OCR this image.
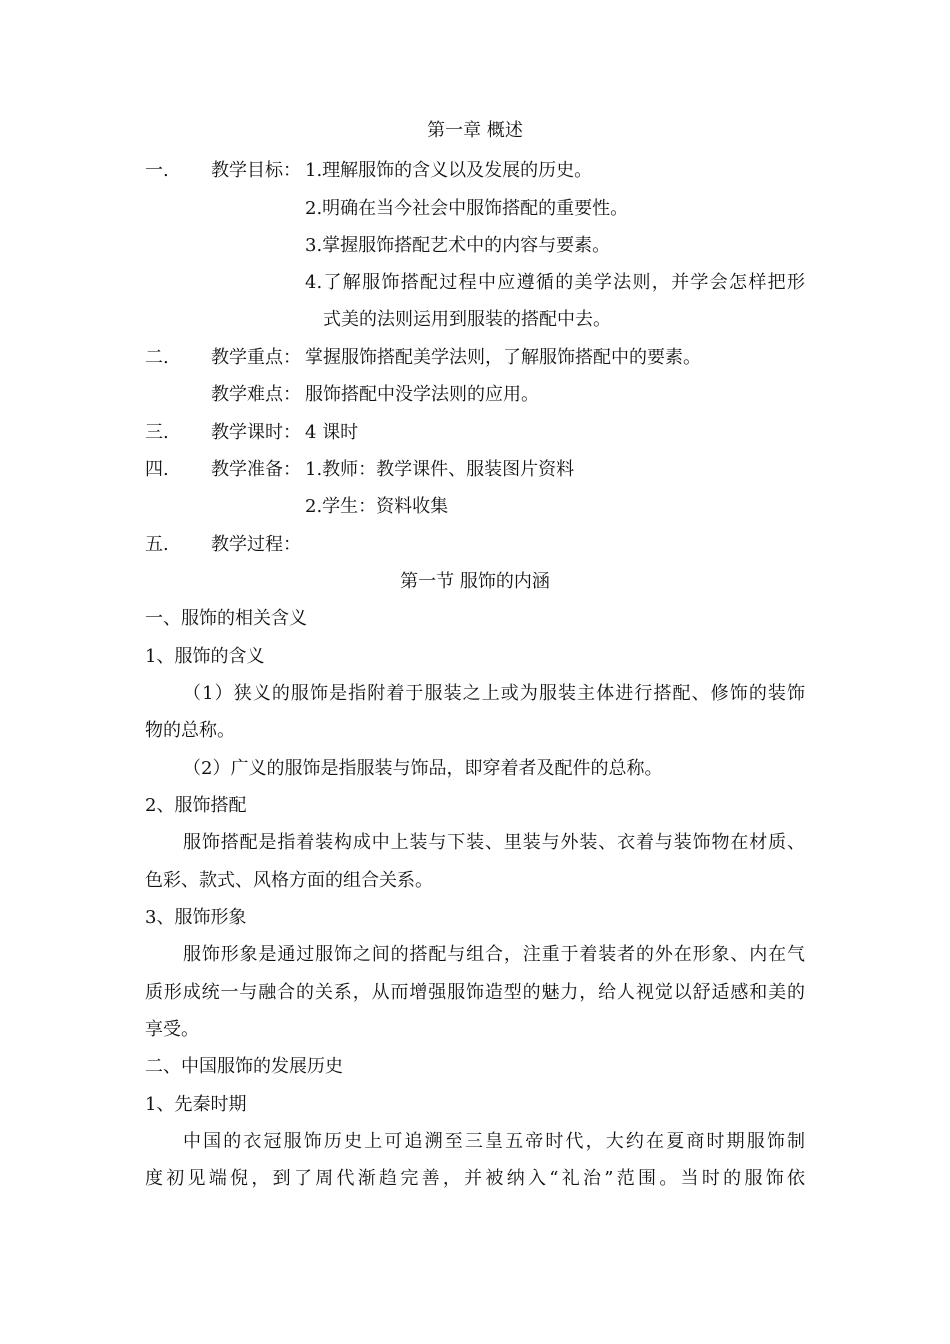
第一章 概述
一. 教学目标： 1.理解服饰的含义以及发展的历史。
2.明确在当今社会中服饰搭配的重要性。
3.掌握服饰搭配艺术中的内容与要素。
4.了解服饰搭配过程中应遵循的美学法则，并学会怎样把形
式美的法则运用到服装的搭配中去。
二. 教学重点： 掌握服饰搭配美学法则，了解服饰搭配中的要素。
教学难点： 服饰搭配中没学法则的应用。
三. 教学课时： 4 课时
四. 教学准备： 1.教师：教学课件、服装图片资料
2.学生：资料收集
五. 教学过程：
第一节 服饰的内涵
一、服饰的相关含义
1、服饰的含义
（1）狭义的服饰是指附着于服装之上或为服装主体进行搭配、修饰的装饰
物的总称。
（2）广义的服饰是指服装与饰品，即穿着者及配件的总称。
2、服饰搭配
服饰搭配是指着装构成中上装与下装、里装与外装、衣着与装饰物在材质、
色彩、款式、风格方面的组合关系。
3、服饰形象
服饰形象是通过服饰之间的搭配与组合，注重于着装者的外在形象、内在气
质形成统一与融合的关系，从而增强服饰造型的魅力，给人视觉以舒适感和美的
享受。
二、中国服饰的发展历史
1、先秦时期
中国的衣冠服饰历史上可追溯至三皇五帝时代，大约在夏商时期服饰制
度初见端倪，到了周代渐趋完善，并被纳入“礼治”范围。当时的服饰依
